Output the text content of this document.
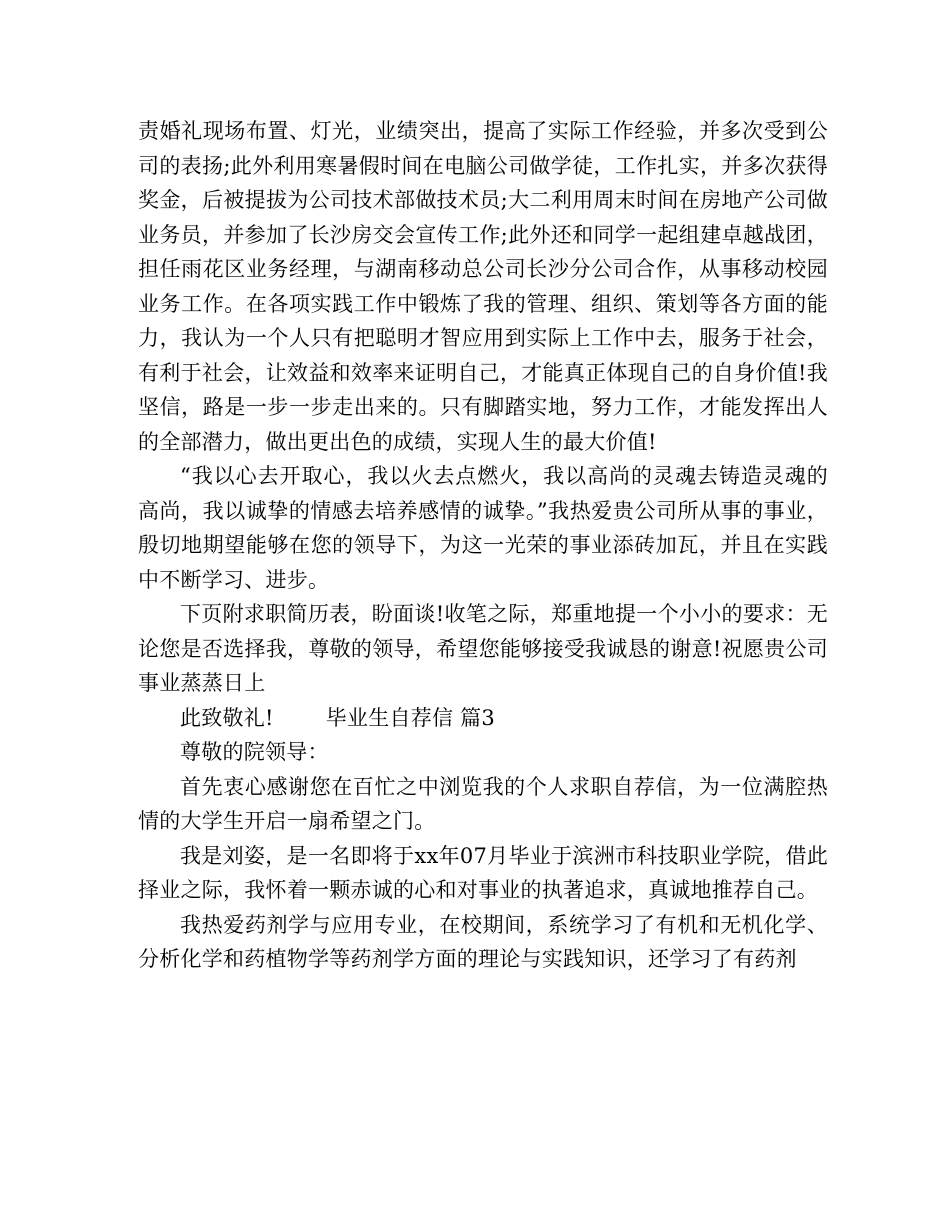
责婚礼现场布置、灯光，业绩突出，提高了实际工作经验，并多次受到公司的表扬;此外利用寒暑假时间在电脑公司做学徒，工作扎实，并多次获得奖金，后被提拔为公司技术部做技术员;大二利用周末时间在房地产公司做业务员，并参加了长沙房交会宣传工作;此外还和同学一起组建卓越战团，担任雨花区业务经理，与湖南移动总公司长沙分公司合作，从事移动校园业务工作。在各项实践工作中锻炼了我的管理、组织、策划等各方面的能力，我认为一个人只有把聪明才智应用到实际上工作中去，服务于社会，有利于社会，让效益和效率来证明自己，才能真正体现自己的自身价值!我坚信，路是一步一步走出来的。只有脚踏实地，努力工作，才能发挥出人的全部潜力，做出更出色的成绩，实现人生的最大价值!

“我以心去开取心，我以火去点燃火，我以高尚的灵魂去铸造灵魂的高尚，我以诚挚的情感去培养感情的诚挚。”我热爱贵公司所从事的事业，殷切地期望能够在您的领导下，为这一光荣的事业添砖加瓦，并且在实践中不断学习、进步。

下页附求职简历表，盼面谈!收笔之际，郑重地提一个小小的要求：无论您是否选择我，尊敬的领导，希望您能够接受我诚恳的谢意!祝愿贵公司事业蒸蒸日上

此致敬礼! 毕业生自荐信 篇3

尊敬的院领导：

首先衷心感谢您在百忙之中浏览我的个人求职自荐信，为一位满腔热情的大学生开启一扇希望之门。

我是刘姿，是一名即将于xx年07月毕业于滨洲市科技职业学院，借此择业之际，我怀着一颗赤诚的心和对事业的执著追求，真诚地推荐自己。

我热爱药剂学与应用专业，在校期间，系统学习了有机和无机化学、分析化学和药植物学等药剂学方面的理论与实践知识，还学习了有药剂
